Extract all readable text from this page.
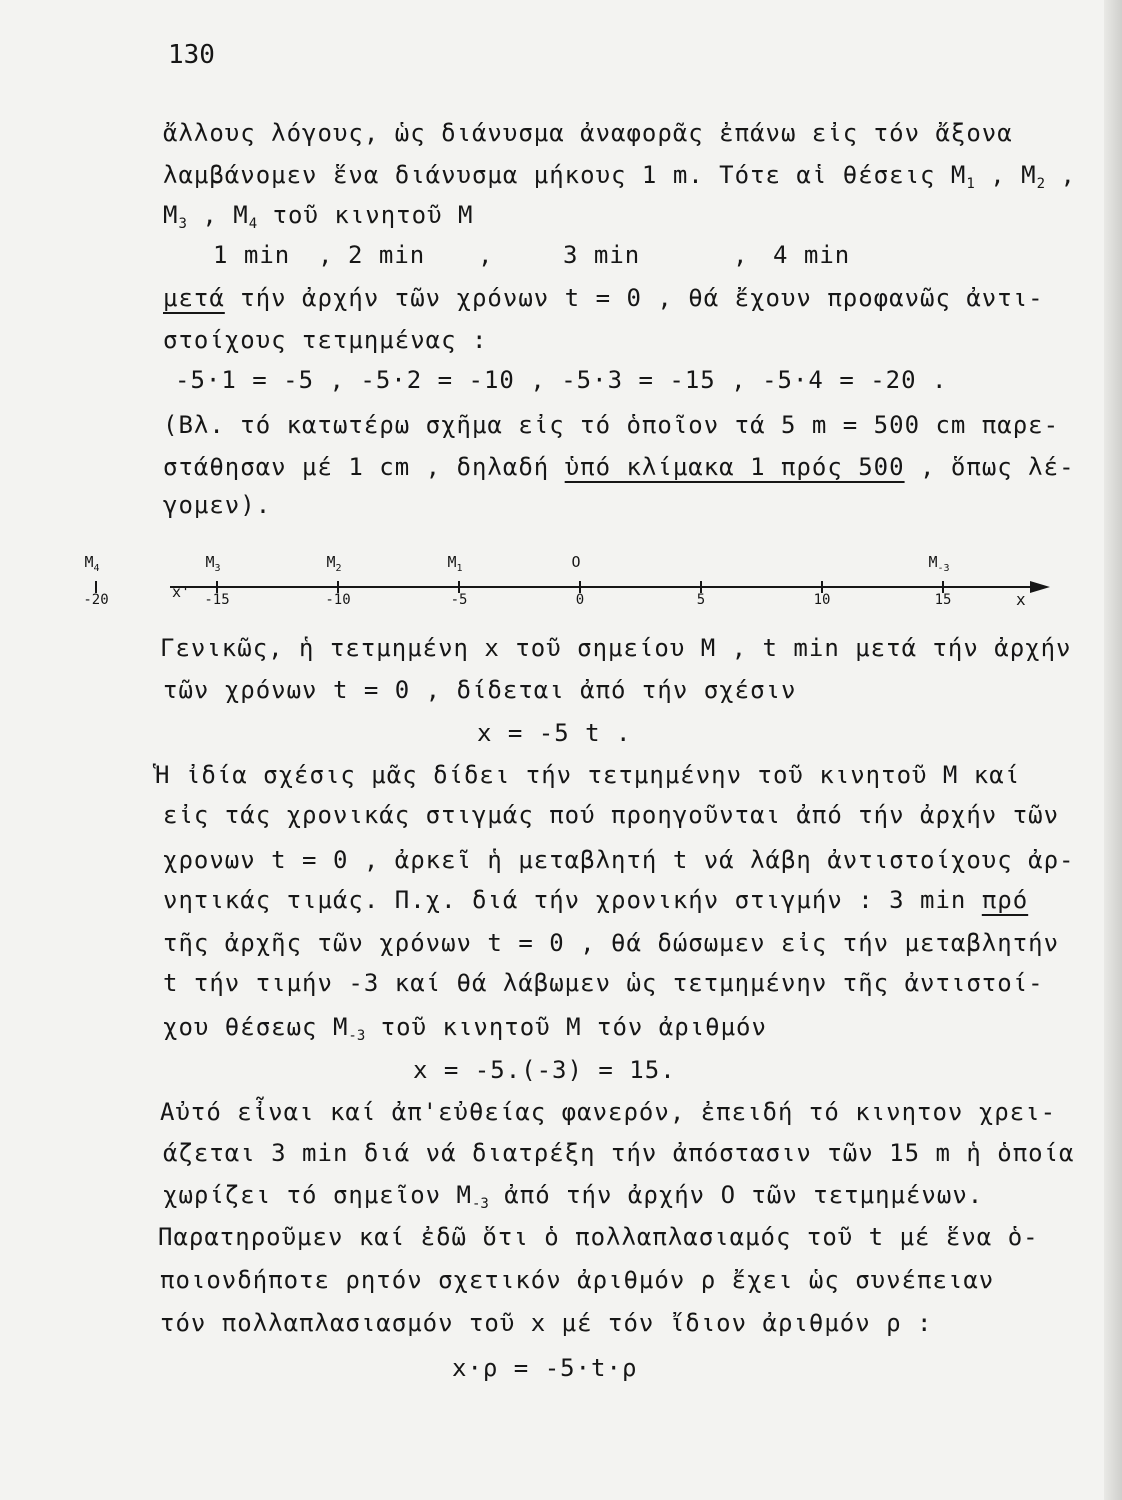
130
ἄλλους λόγους, ὡς διάνυσμα ἀναφορᾶς ἐπάνω εἰς τόν ἄξονα
λαμβάνομεν ἕνα διάνυσμα μήκους 1 m. Τότε αἱ θέσεις $M_1$ , $M_2$ ,
$M_3$ , $M_4$ τοῦ κινητοῦ M
1 min , 2 min ,	3 min	, 4 min
μετά τήν ἀρχήν τῶν χρόνων t = 0 , θά ἔχουν προφανῶς ἀντι-
στοίχους τετμημένας :
-5·1 = -5 , -5·2 = -10 , -5·3 = -15 , -5·4 = -20 .
(Βλ. τό κατωτέρω σχῆμα εἰς τό ὁποῖον τά 5 m = 500 cm παρε-
στάθησαν μέ 1 cm , δηλαδή ὑπό κλίμακα 1 πρός 500 , ὅπως λέ-
γομεν).
x'	x
-20
$M_4$
-15
$M_3$
-10
$M_2$
-5
$M_1$
0
O
5	10	15
$M_{-3}$
Γενικῶς, ἡ τετμημένη x τοῦ σημείου M , t min μετά τήν ἀρχήν
τῶν χρόνων t = 0 , δίδεται ἀπό τήν σχέσιν
x = -5 t .
Ἡ ἰδία σχέσις μᾶς δίδει τήν τετμημένην τοῦ κινητοῦ M καί
εἰς τάς χρονικάς στιγμάς πού προηγοῦνται ἀπό τήν ἀρχήν τῶν
χρονων t = 0 , ἀρκεῖ ἡ μεταβλητή t νά λάβη ἀντιστοίχους ἀρ-
νητικάς τιμάς. Π.χ. διά τήν χρονικήν στιγμήν : 3 min πρό
τῆς ἀρχῆς τῶν χρόνων t = 0 , θά δώσωμεν εἰς τήν μεταβλητήν
t τήν τιμήν -3 καί θά λάβωμεν ὡς τετμημένην τῆς ἀντιστοί-
χου θέσεως $M_{-3}$ τοῦ κινητοῦ M τόν ἀριθμόν
x = -5.(-3) = 15.
Αὐτό εἶναι καί ἀπ'εὐθείας φανερόν, ἐπειδή τό κινητον χρει-
άζεται 3 min διά νά διατρέξη τήν ἀπόστασιν τῶν 15 m ἡ ὁποία
χωρίζει τό σημεῖον $M_{-3}$ ἀπό τήν ἀρχήν O τῶν τετμημένων.
Παρατηροῦμεν καί ἐδῶ ὅτι ὁ πολλαπλασιαμός τοῦ t μέ ἕνα ὁ-
ποιονδήποτε ρητόν σχετικόν ἀριθμόν ρ ἔχει ὡς συνέπειαν
τόν πολλαπλασιασμόν τοῦ x μέ τόν ἴδιον ἀριθμόν ρ :
x·ρ = -5·t·ρ
